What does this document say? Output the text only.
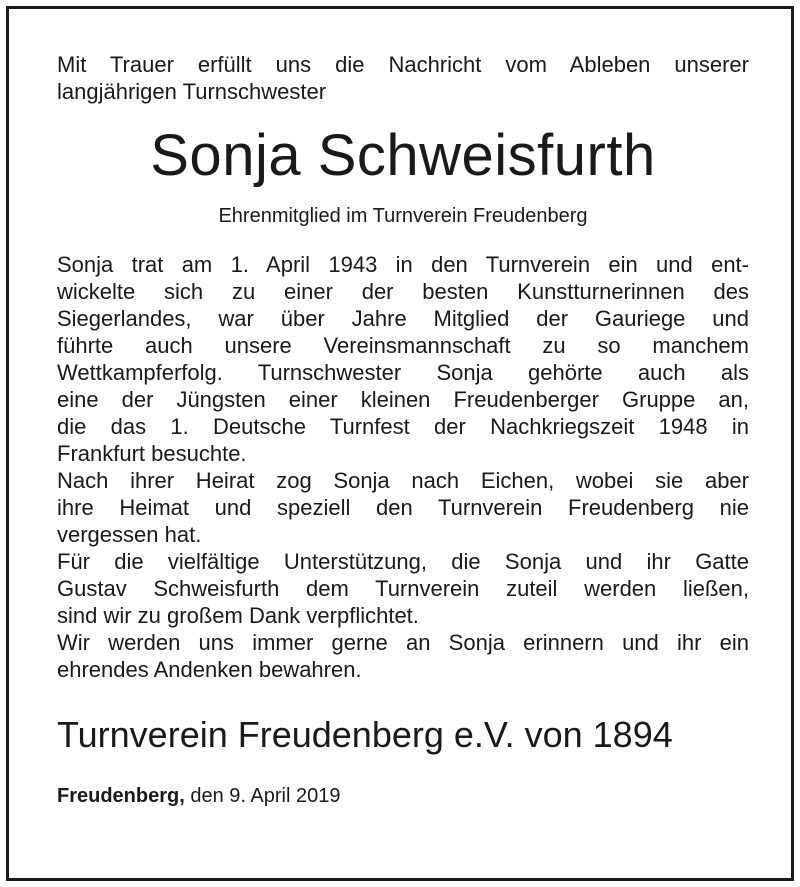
Mit Trauer erfüllt uns die Nachricht vom Ableben unserer
langjährigen Turnschwester

Sonja Schweisfurth

Ehrenmitglied im Turnverein Freudenberg

Sonja trat am 1. April 1943 in den Turnverein ein und ent-
wickelte sich zu einer der besten Kunstturnerinnen des
Siegerlandes, war über Jahre Mitglied der Gauriege und
führte auch unsere Vereinsmannschaft zu so manchem
Wettkampferfolg. Turnschwester Sonja gehörte auch als
eine der Jüngsten einer kleinen Freudenberger Gruppe an,
die das 1. Deutsche Turnfest der Nachkriegszeit 1948 in
Frankfurt besuchte.

Nach ihrer Heirat zog Sonja nach Eichen, wobei sie aber
ihre Heimat und speziell den Turnverein Freudenberg nie
vergessen hat.

Für die vielfältige Unterstützung, die Sonja und ihr Gatte
Gustav Schweisfurth dem Turnverein zuteil werden ließen,
sind wir zu großem Dank verpflichtet.

Wir werden uns immer gerne an Sonja erinnern und ihr ein
ehrendes Andenken bewahren.

Turnverein Freudenberg e.V. von 1894

Freudenberg, den 9. April 2019
